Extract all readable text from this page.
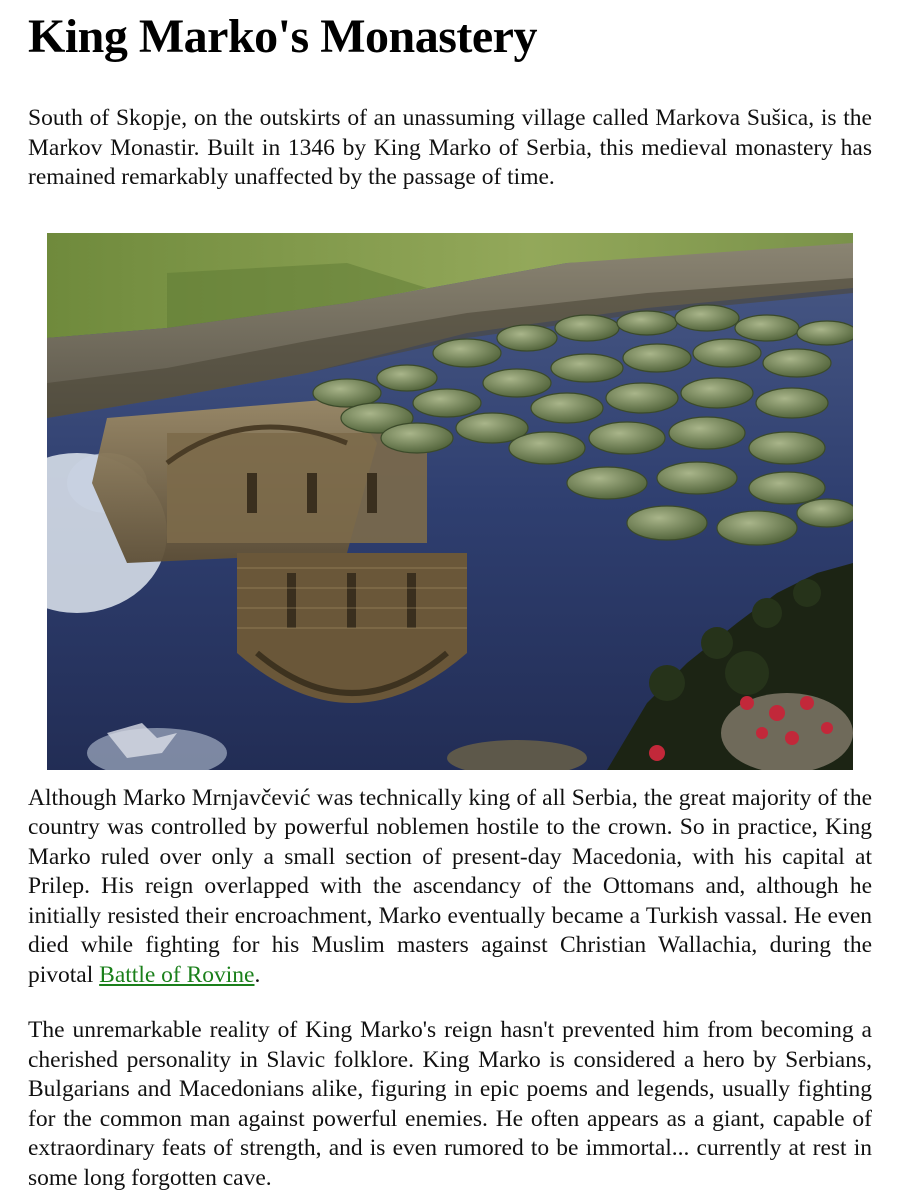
King Marko's Monastery

South of Skopje, on the outskirts of an unassuming village called Markova Sušica, is the Markov Monastir. Built in 1346 by King Marko of Serbia, this medieval monastery has remained remarkably unaffected by the passage of time.

Although Marko Mrnjavčević was technically king of all Serbia, the great majority of the country was controlled by powerful noblemen hostile to the crown. So in practice, King Marko ruled over only a small section of present-day Macedonia, with his capital at Prilep. His reign overlapped with the ascendancy of the Ottomans and, although he initially resisted their encroachment, Marko eventually became a Turkish vassal. He even died while fighting for his Muslim masters against Christian Wallachia, during the pivotal Battle of Rovine.

The unremarkable reality of King Marko's reign hasn't prevented him from becoming a cherished personality in Slavic folklore. King Marko is considered a hero by Serbians, Bulgarians and Macedonians alike, figuring in epic poems and legends, usually fighting for the common man against powerful enemies. He often appears as a giant, capable of extraordinary feats of strength, and is even rumored to be immortal... currently at rest in some long forgotten cave.
